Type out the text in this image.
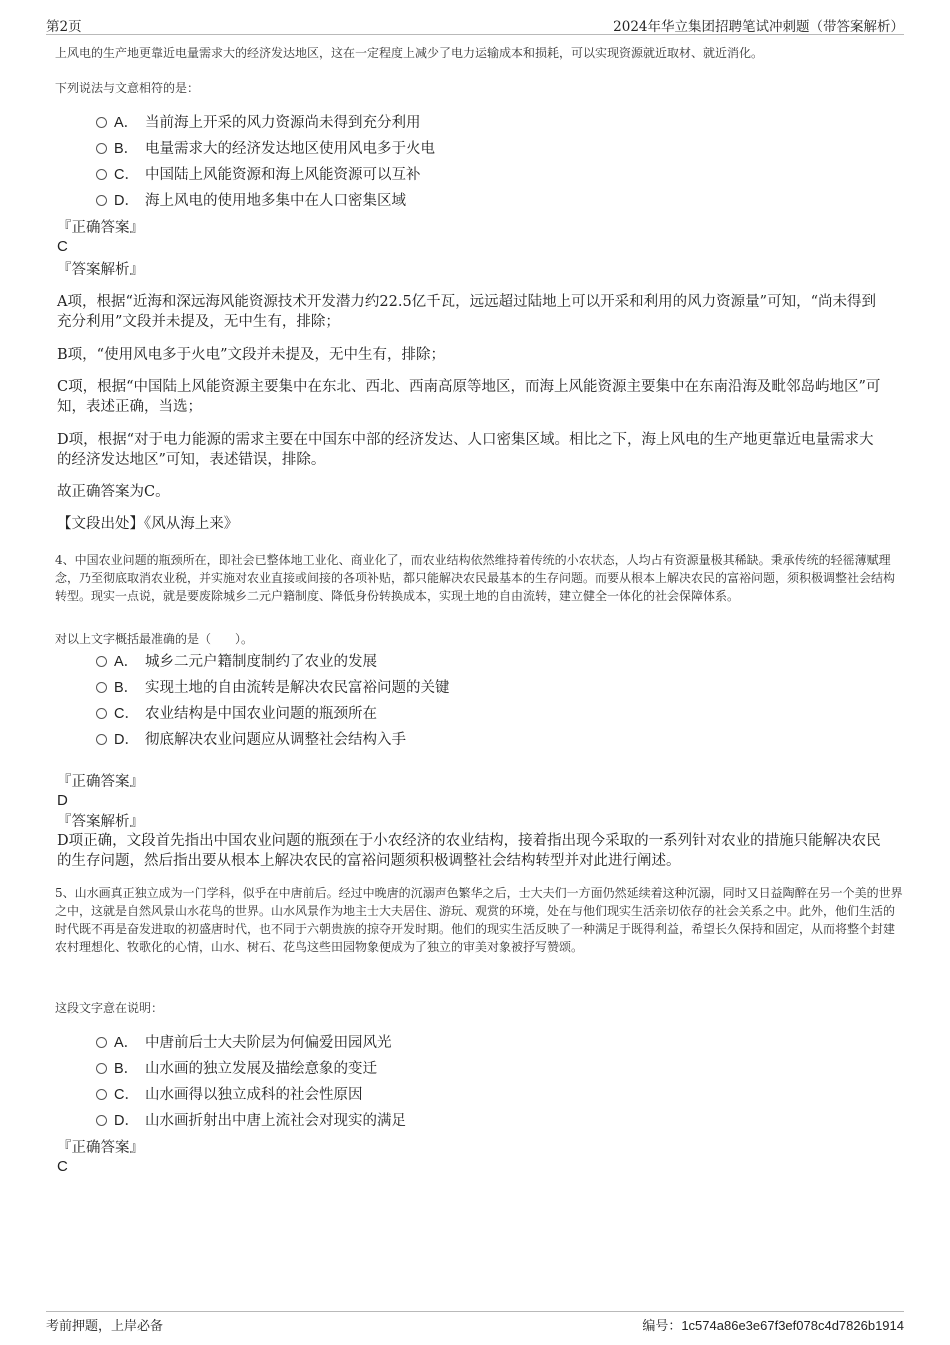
第2页	2024年华立集团招聘笔试冲刺题（带答案解析）
上风电的生产地更靠近电量需求大的经济发达地区，这在一定程度上减少了电力运输成本和损耗，可以实现资源就近取材、就近消化。
下列说法与文意相符的是：
A． 当前海上开采的风力资源尚未得到充分利用
B． 电量需求大的经济发达地区使用风电多于火电
C． 中国陆上风能资源和海上风能资源可以互补
D． 海上风电的使用地多集中在人口密集区域
『正确答案』
C
『答案解析』
A项，根据“近海和深远海风能资源技术开发潜力约22.5亿千瓦，远远超过陆地上可以开采和利用的风力资源量”可知，“尚未得到充分利用”文段并未提及，无中生有，排除；
B项，“使用风电多于火电”文段并未提及，无中生有，排除；
C项，根据“中国陆上风能资源主要集中在东北、西北、西南高原等地区，而海上风能资源主要集中在东南沿海及毗邻岛屿地区”可知，表述正确，当选；
D项，根据“对于电力能源的需求主要在中国东中部的经济发达、人口密集区域。相比之下，海上风电的生产地更靠近电量需求大的经济发达地区”可知，表述错误，排除。
故正确答案为C。
【文段出处】《风从海上来》
4、中国农业问题的瓶颈所在，即社会已整体地工业化、商业化了，而农业结构依然维持着传统的小农状态，人均占有资源量极其稀缺。秉承传统的轻徭薄赋理念，乃至彻底取消农业税，并实施对农业直接或间接的各项补贴，都只能解决农民最基本的生存问题。而要从根本上解决农民的富裕问题，须积极调整社会结构转型。现实一点说，就是要废除城乡二元户籍制度、降低身份转换成本，实现土地的自由流转，建立健全一体化的社会保障体系。
对以上文字概括最准确的是（　　）。
A． 城乡二元户籍制度制约了农业的发展
B． 实现土地的自由流转是解决农民富裕问题的关键
C． 农业结构是中国农业问题的瓶颈所在
D． 彻底解决农业问题应从调整社会结构入手
『正确答案』
D
『答案解析』
D项正确，文段首先指出中国农业问题的瓶颈在于小农经济的农业结构，接着指出现今采取的一系列针对农业的措施只能解决农民的生存问题，然后指出要从根本上解决农民的富裕问题须积极调整社会结构转型并对此进行阐述。
5、山水画真正独立成为一门学科，似乎在中唐前后。经过中晚唐的沉溺声色繁华之后，士大夫们一方面仍然延续着这种沉溺，同时又日益陶醉在另一个美的世界之中，这就是自然风景山水花鸟的世界。山水风景作为地主士大夫居住、游玩、观赏的环境，处在与他们现实生活亲切依存的社会关系之中。此外，他们生活的时代既不再是奋发进取的初盛唐时代，也不同于六朝贵族的掠夺开发时期。他们的现实生活反映了一种满足于既得利益，希望长久保持和固定，从而将整个封建农村理想化、牧歌化的心情，山水、树石、花鸟这些田园物象便成为了独立的审美对象被抒写赞颂。
这段文字意在说明：
A． 中唐前后士大夫阶层为何偏爱田园风光
B． 山水画的独立发展及描绘意象的变迁
C． 山水画得以独立成科的社会性原因
D． 山水画折射出中唐上流社会对现实的满足
『正确答案』
C
考前押题，上岸必备	编号：1c574a86e3e67f3ef078c4d7826b1914
